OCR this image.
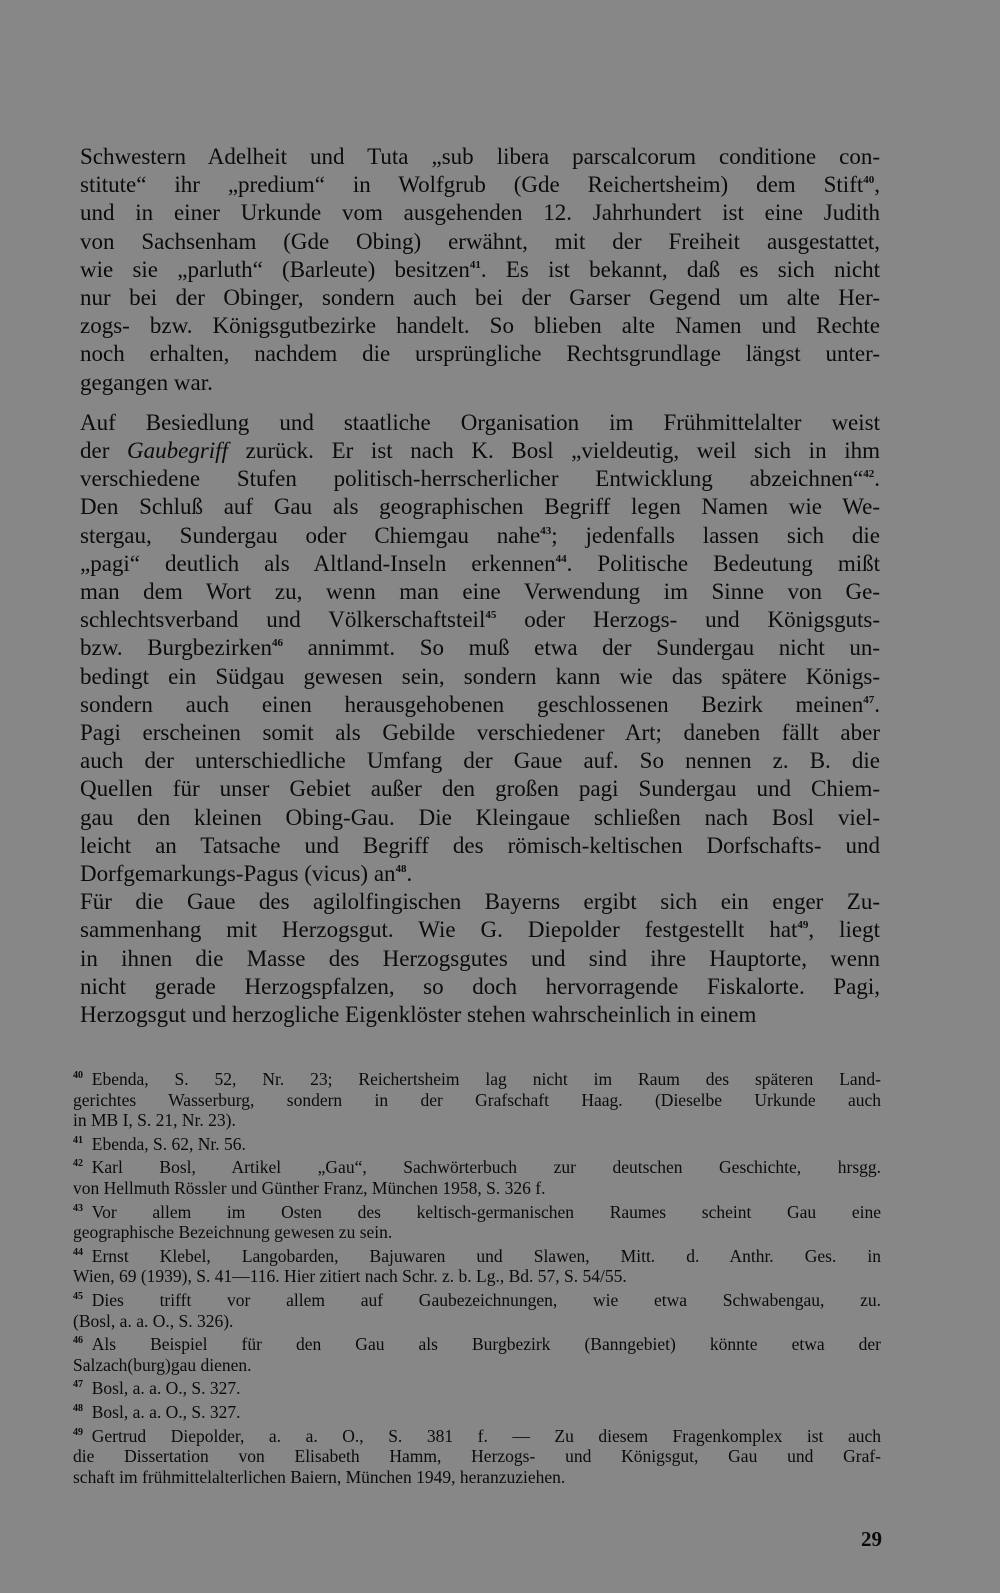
Schwestern Adelheit und Tuta „sub libera parscalcorum conditione con-
stitute“ ihr „predium“ in Wolfgrub (Gde Reichertsheim) dem Stift$^{40}$,
und in einer Urkunde vom ausgehenden 12. Jahrhundert ist eine Judith
von Sachsenham (Gde Obing) erwähnt, mit der Freiheit ausgestattet,
wie sie „parluth“ (Barleute) besitzen$^{41}$. Es ist bekannt, daß es sich nicht
nur bei der Obinger, sondern auch bei der Garser Gegend um alte Her-
zogs- bzw. Königsgutbezirke handelt. So blieben alte Namen und Rechte
noch erhalten, nachdem die ursprüngliche Rechtsgrundlage längst unter-
gegangen war.

Auf Besiedlung und staatliche Organisation im Frühmittelalter weist
der Gaubegriff zurück. Er ist nach K. Bosl „vieldeutig, weil sich in ihm
verschiedene Stufen politisch-herrscherlicher Entwicklung abzeichnen“$^{42}$.
Den Schluß auf Gau als geographischen Begriff legen Namen wie We-
stergau, Sundergau oder Chiemgau nahe$^{43}$; jedenfalls lassen sich die
„pagi“ deutlich als Altland-Inseln erkennen$^{44}$. Politische Bedeutung mißt
man dem Wort zu, wenn man eine Verwendung im Sinne von Ge-
schlechtsverband und Völkerschaftsteil$^{45}$ oder Herzogs- und Königsguts-
bzw. Burgbezirken$^{46}$ annimmt. So muß etwa der Sundergau nicht un-
bedingt ein Südgau gewesen sein, sondern kann wie das spätere Königs-
sondern auch einen herausgehobenen geschlossenen Bezirk meinen$^{47}$.
Pagi erscheinen somit als Gebilde verschiedener Art; daneben fällt aber
auch der unterschiedliche Umfang der Gaue auf. So nennen z. B. die
Quellen für unser Gebiet außer den großen pagi Sundergau und Chiem-
gau den kleinen Obing-Gau. Die Kleingaue schließen nach Bosl viel-
leicht an Tatsache und Begriff des römisch-keltischen Dorfschafts- und
Dorfgemarkungs-Pagus (vicus) $an^{48}$.

Für die Gaue des agilolfingischen Bayerns ergibt sich ein enger Zu-
sammenhang mit Herzogsgut. Wie G. Diepolder festgestellt hat$^{49}$, liegt
in ihnen die Masse des Herzogsgutes und sind ihre Hauptorte, wenn
nicht gerade Herzogspfalzen, so doch hervorragende Fiskalorte. Pagi,
Herzogsgut und herzogliche Eigenklöster stehen wahrscheinlich in einem

$^{40}$  Ebenda, S. 52, Nr. 23; Reichertsheim lag nicht im Raum des späteren Land-
gerichtes Wasserburg, sondern in der Grafschaft Haag. (Dieselbe Urkunde auch
in MB I, S. 21, Nr. 23).
$^{41}$  Ebenda, S. 62, Nr. 56.
$^{42}$  Karl Bosl, Artikel „Gau“, Sachwörterbuch zur deutschen Geschichte, hrsgg.
von Hellmuth Rössler und Günther Franz, München 1958, S. 326 f.
$^{43}$  Vor allem im Osten des keltisch-germanischen Raumes scheint Gau eine
geographische Bezeichnung gewesen zu sein.
$^{44}$  Ernst Klebel, Langobarden, Bajuwaren und Slawen, Mitt. d. Anthr. Ges. in
Wien, 69 (1939), S. 41—116. Hier zitiert nach Schr. z. b. Lg., Bd. 57, S. 54/55.
$^{45}$  Dies trifft vor allem auf Gaubezeichnungen, wie etwa Schwabengau, zu.
(Bosl, a. a. O., S. 326).
$^{46}$  Als Beispiel für den Gau als Burgbezirk (Banngebiet) könnte etwa der
Salzach(burg)gau dienen.
$^{47}$  Bosl, a. a. O., S. 327.
$^{48}$  Bosl, a. a. O., S. 327.
$^{49}$  Gertrud Diepolder, a. a. O., S. 381 f. — Zu diesem Fragenkomplex ist auch
die Dissertation von Elisabeth Hamm, Herzogs- und Königsgut, Gau und Graf-
schaft im frühmittelalterlichen Baiern, München 1949, heranzuziehen.
29
